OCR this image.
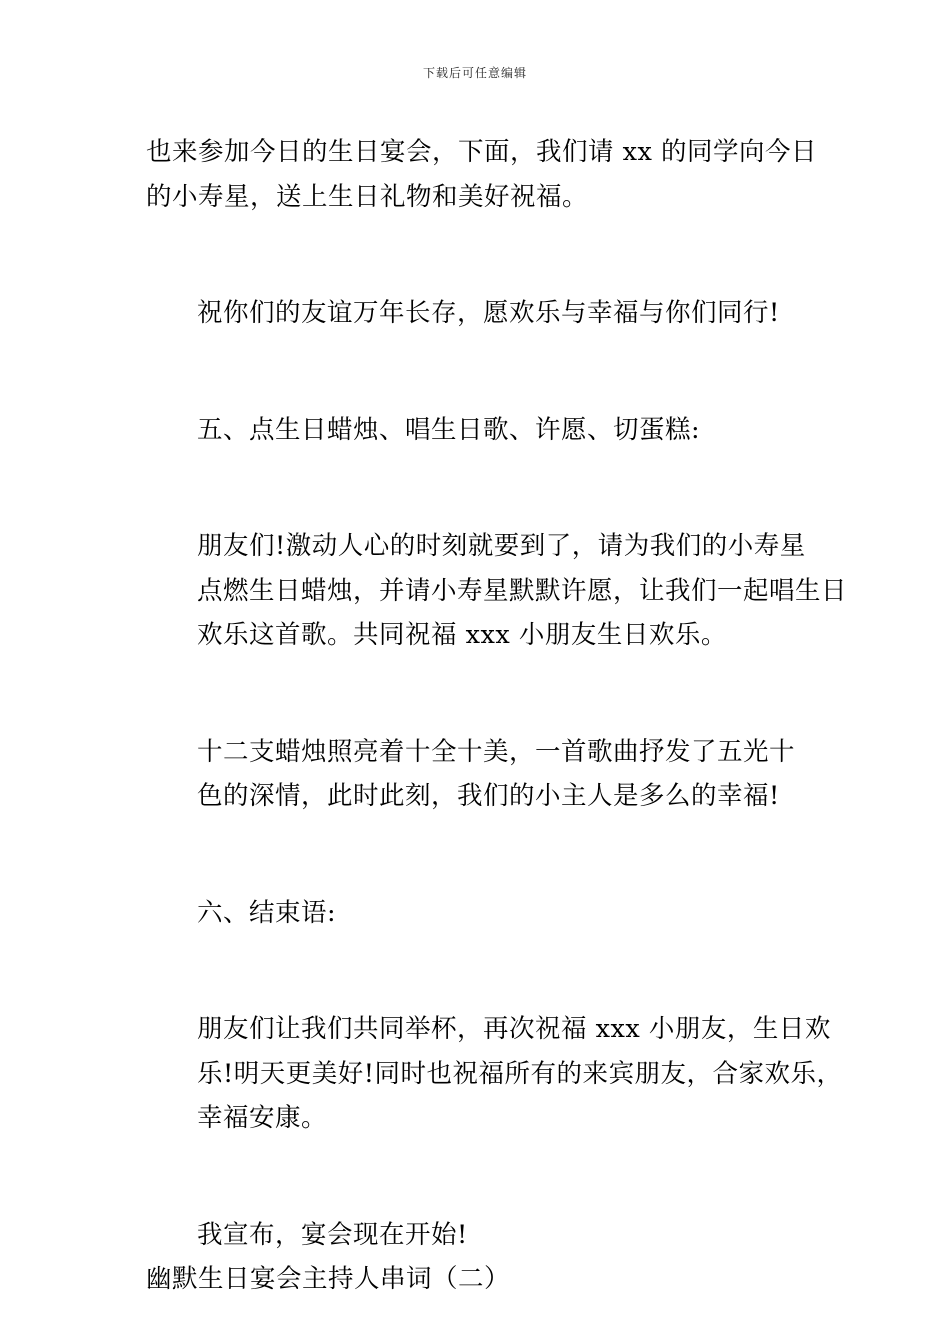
下载后可任意编辑

也来参加今日的生日宴会，下面，我们请 xx 的同学向今日
的小寿星，送上生日礼物和美好祝福。

祝你们的友谊万年长存，愿欢乐与幸福与你们同行!

五、点生日蜡烛、唱生日歌、许愿、切蛋糕:

朋友们!激动人心的时刻就要到了，请为我们的小寿星
点燃生日蜡烛，并请小寿星默默许愿，让我们一起唱生日
欢乐这首歌。共同祝福 xxx 小朋友生日欢乐。

十二支蜡烛照亮着十全十美，一首歌曲抒发了五光十
色的深情，此时此刻，我们的小主人是多么的幸福!

六、结束语:

朋友们让我们共同举杯，再次祝福 xxx 小朋友，生日欢
乐!明天更美好!同时也祝福所有的来宾朋友，合家欢乐，
幸福安康。

我宣布，宴会现在开始!

幽默生日宴会主持人串词（二）
